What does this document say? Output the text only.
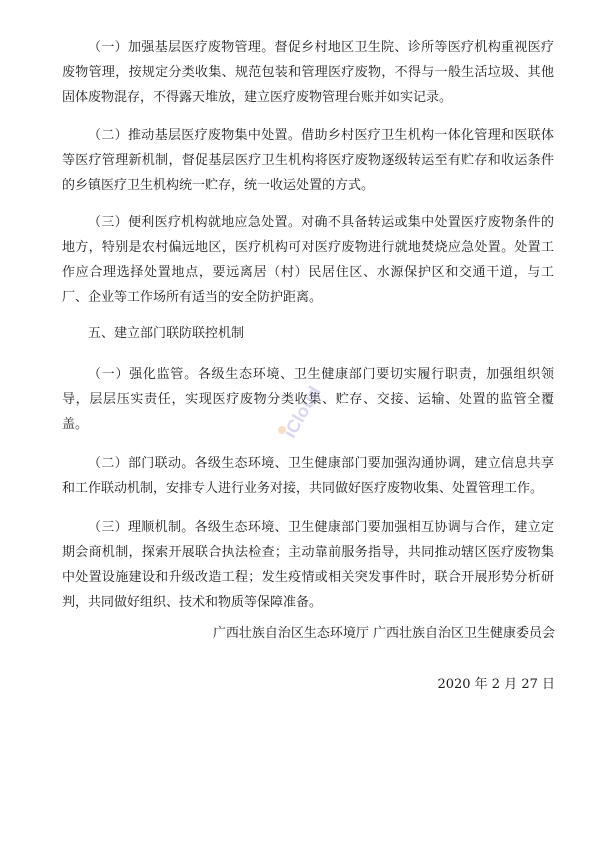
（一）加强基层医疗废物管理。督促乡村地区卫生院、诊所等医疗机构重视医疗废物管理，按规定分类收集、规范包装和管理医疗废物，不得与一般生活垃圾、其他固体废物混存，不得露天堆放，建立医疗废物管理台账并如实记录。

（二）推动基层医疗废物集中处置。借助乡村医疗卫生机构一体化管理和医联体等医疗管理新机制，督促基层医疗卫生机构将医疗废物逐级转运至有贮存和收运条件的乡镇医疗卫生机构统一贮存，统一收运处置的方式。

（三）便利医疗机构就地应急处置。对确不具备转运或集中处置医疗废物条件的地方，特别是农村偏远地区，医疗机构可对医疗废物进行就地焚烧应急处置。处置工作应合理选择处置地点，要远离居（村）民居住区、水源保护区和交通干道，与工厂、企业等工作场所有适当的安全防护距离。

五、建立部门联防联控机制

（一）强化监管。各级生态环境、卫生健康部门要切实履行职责，加强组织领导，层层压实责任，实现医疗废物分类收集、贮存、交接、运输、处置的监管全覆盖。

（二）部门联动。各级生态环境、卫生健康部门要加强沟通协调，建立信息共享和工作联动机制，安排专人进行业务对接，共同做好医疗废物收集、处置管理工作。

（三）理顺机制。各级生态环境、卫生健康部门要加强相互协调与合作，建立定期会商机制，探索开展联合执法检查；主动靠前服务指导，共同推动辖区医疗废物集中处置设施建设和升级改造工程；发生疫情或相关突发事件时，联合开展形势分析研判，共同做好组织、技术和物质等保障准备。

广西壮族自治区生态环境厅 广西壮族自治区卫生健康委员会

2020 年 2 月 27 日

iCloud
